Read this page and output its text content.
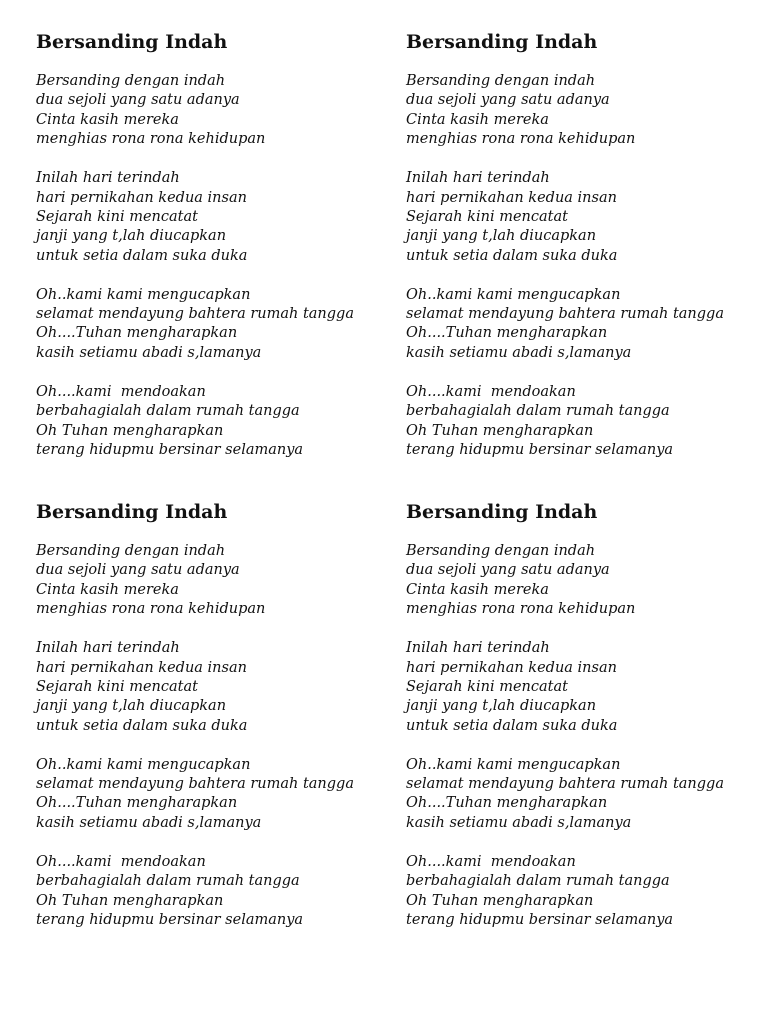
Bersanding Indah
Bersanding dengan indah
dua sejoli yang satu adanya
Cinta kasih mereka
menghias rona rona kehidupan
Inilah hari terindah
hari pernikahan kedua insan
Sejarah kini mencatat
janji yang t,lah diucapkan
untuk setia dalam suka duka
Oh..kami kami mengucapkan
selamat mendayung bahtera rumah tangga
Oh....Tuhan mengharapkan
kasih setiamu abadi s,lamanya
Oh....kami  mendoakan
berbahagialah dalam rumah tangga
Oh Tuhan mengharapkan
terang hidupmu bersinar selamanya
Bersanding Indah
Bersanding dengan indah
dua sejoli yang satu adanya
Cinta kasih mereka
menghias rona rona kehidupan
Inilah hari terindah
hari pernikahan kedua insan
Sejarah kini mencatat
janji yang t,lah diucapkan
untuk setia dalam suka duka
Oh..kami kami mengucapkan
selamat mendayung bahtera rumah tangga
Oh....Tuhan mengharapkan
kasih setiamu abadi s,lamanya
Oh....kami  mendoakan
berbahagialah dalam rumah tangga
Oh Tuhan mengharapkan
terang hidupmu bersinar selamanya
Bersanding Indah
Bersanding dengan indah
dua sejoli yang satu adanya
Cinta kasih mereka
menghias rona rona kehidupan
Inilah hari terindah
hari pernikahan kedua insan
Sejarah kini mencatat
janji yang t,lah diucapkan
untuk setia dalam suka duka
Oh..kami kami mengucapkan
selamat mendayung bahtera rumah tangga
Oh....Tuhan mengharapkan
kasih setiamu abadi s,lamanya
Oh....kami  mendoakan
berbahagialah dalam rumah tangga
Oh Tuhan mengharapkan
terang hidupmu bersinar selamanya
Bersanding Indah
Bersanding dengan indah
dua sejoli yang satu adanya
Cinta kasih mereka
menghias rona rona kehidupan
Inilah hari terindah
hari pernikahan kedua insan
Sejarah kini mencatat
janji yang t,lah diucapkan
untuk setia dalam suka duka
Oh..kami kami mengucapkan
selamat mendayung bahtera rumah tangga
Oh....Tuhan mengharapkan
kasih setiamu abadi s,lamanya
Oh....kami  mendoakan
berbahagialah dalam rumah tangga
Oh Tuhan mengharapkan
terang hidupmu bersinar selamanya
